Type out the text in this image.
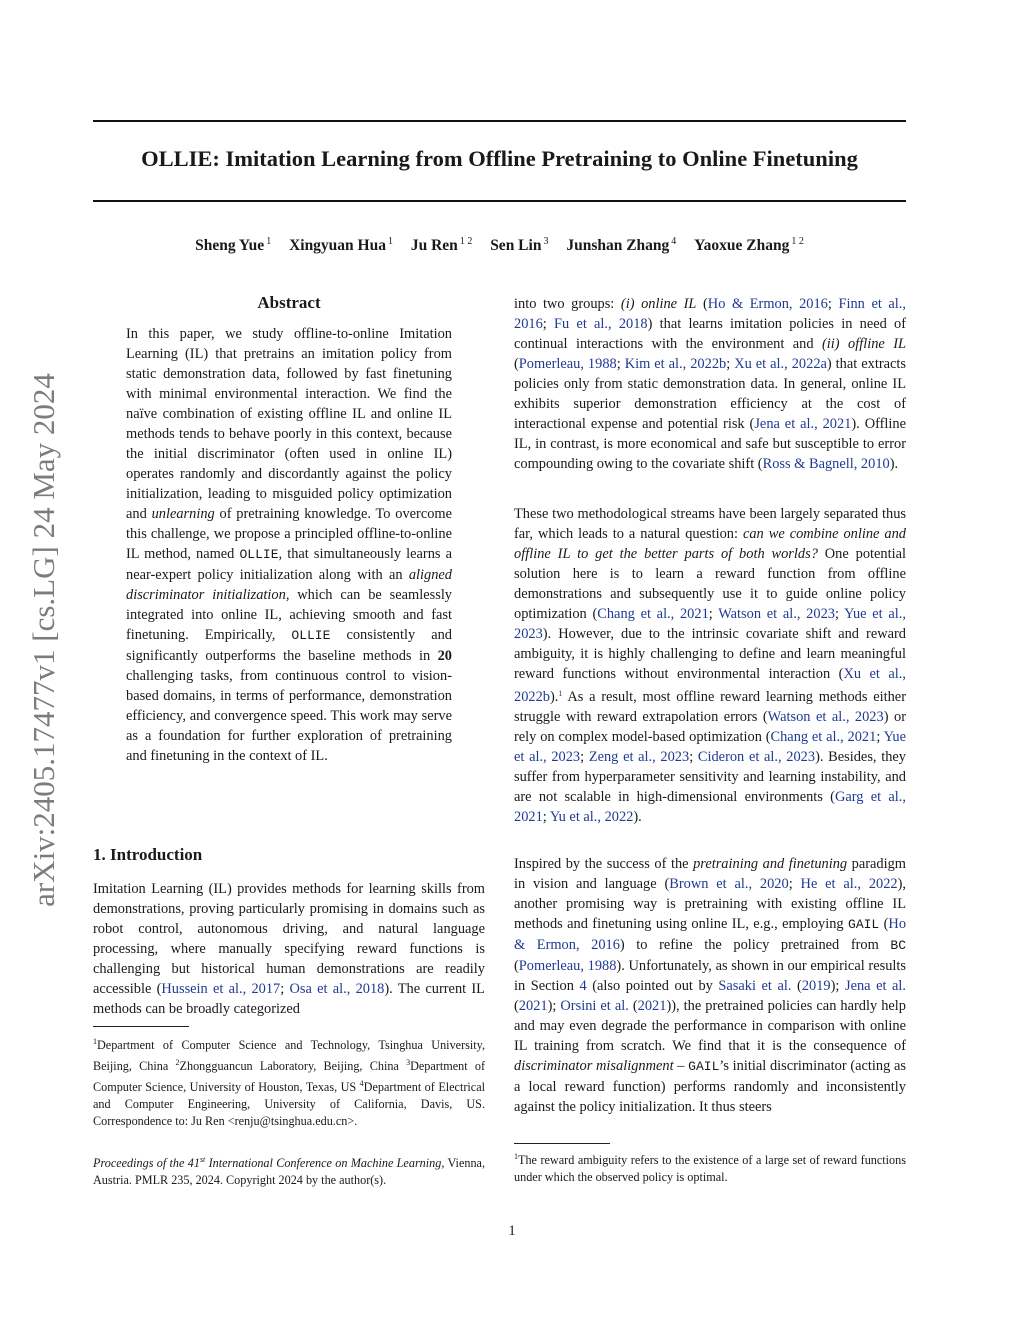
OLLIE: Imitation Learning from Offline Pretraining to Online Finetuning
Sheng Yue $^1$ Xingyuan Hua $^1$ Ju Ren $^{1 2}$ Sen Lin $^3$ Junshan Zhang $^4$ Yaoxue Zhang $^{1 2}$
arXiv:2405.17477v1 [cs.LG] 24 May 2024
Abstract

In this paper, we study offline-to-online Imitation Learning (IL) that pretrains an imitation policy from static demonstration data, followed by fast finetuning with minimal environmental interaction. We find the naïve combination of existing offline IL and online IL methods tends to behave poorly in this context, because the initial discriminator (often used in online IL) operates randomly and discordantly against the policy initialization, leading to misguided policy optimization and unlearning of pretraining knowledge. To overcome this challenge, we propose a principled offline-to-online IL method, named OLLIE, that simultaneously learns a near-expert policy initialization along with an aligned discriminator initialization, which can be seamlessly integrated into online IL, achieving smooth and fast finetuning. Empirically, OLLIE consistently and significantly outperforms the baseline methods in 20 challenging tasks, from continuous control to vision-based domains, in terms of performance, demonstration efficiency, and convergence speed. This work may serve as a foundation for further exploration of pretraining and finetuning in the context of IL.

1. Introduction

Imitation Learning (IL) provides methods for learning skills from demonstrations, proving particularly promising in domains such as robot control, autonomous driving, and natural language processing, where manually specifying reward functions is challenging but historical human demonstrations are readily accessible (Hussein et al., 2017; Osa et al., 2018). The current IL methods can be broadly categorized

into two groups: (i) online IL (Ho & Ermon, 2016; Finn et al., 2016; Fu et al., 2018) that learns imitation policies in need of continual interactions with the environment and (ii) offline IL (Pomerleau, 1988; Kim et al., 2022b; Xu et al., 2022a) that extracts policies only from static demonstration data. In general, online IL exhibits superior demonstration efficiency at the cost of interactional expense and potential risk (Jena et al., 2021). Offline IL, in contrast, is more economical and safe but susceptible to error compounding owing to the covariate shift (Ross & Bagnell, 2010).

These two methodological streams have been largely separated thus far, which leads to a natural question: can we combine online and offline IL to get the better parts of both worlds? One potential solution here is to learn a reward function from offline demonstrations and subsequently use it to guide online policy optimization (Chang et al., 2021; Watson et al., 2023; Yue et al., 2023). However, due to the intrinsic covariate shift and reward ambiguity, it is highly challenging to define and learn meaningful reward functions without environmental interaction (Xu et al., 2022b).$^1$ As a result, most offline reward learning methods either struggle with reward extrapolation errors (Watson et al., 2023) or rely on complex model-based optimization (Chang et al., 2021; Yue et al., 2023; Zeng et al., 2023; Cideron et al., 2023). Besides, they suffer from hyperparameter sensitivity and learning instability, and are not scalable in high-dimensional environments (Garg et al., 2021; Yu et al., 2022).

Inspired by the success of the pretraining and finetuning paradigm in vision and language (Brown et al., 2020; He et al., 2022), another promising way is pretraining with existing offline IL methods and finetuning using online IL, e.g., employing GAIL (Ho & Ermon, 2016) to refine the policy pretrained from BC (Pomerleau, 1988). Unfortunately, as shown in our empirical results in Section 4 (also pointed out by Sasaki et al. (2019); Jena et al. (2021); Orsini et al. (2021)), the pretrained policies can hardly help and may even degrade the performance in comparison with online IL training from scratch. We find that it is the consequence of discriminator misalignment – GAIL’s initial discriminator (acting as a local reward function) performs randomly and inconsistently against the policy initialization. It thus steers

$^1$Department of Computer Science and Technology, Tsinghua University, Beijing, China $^2$Zhongguancun Laboratory, Beijing, China $^3$Department of Computer Science, University of Houston, Texas, US $^4$Department of Electrical and Computer Engineering, University of California, Davis, US. Correspondence to: Ju Ren <renju@tsinghua.edu.cn>.

Proceedings of the 41st International Conference on Machine Learning, Vienna, Austria. PMLR 235, 2024. Copyright 2024 by the author(s).

$^1$The reward ambiguity refers to the existence of a large set of reward functions under which the observed policy is optimal.

1
